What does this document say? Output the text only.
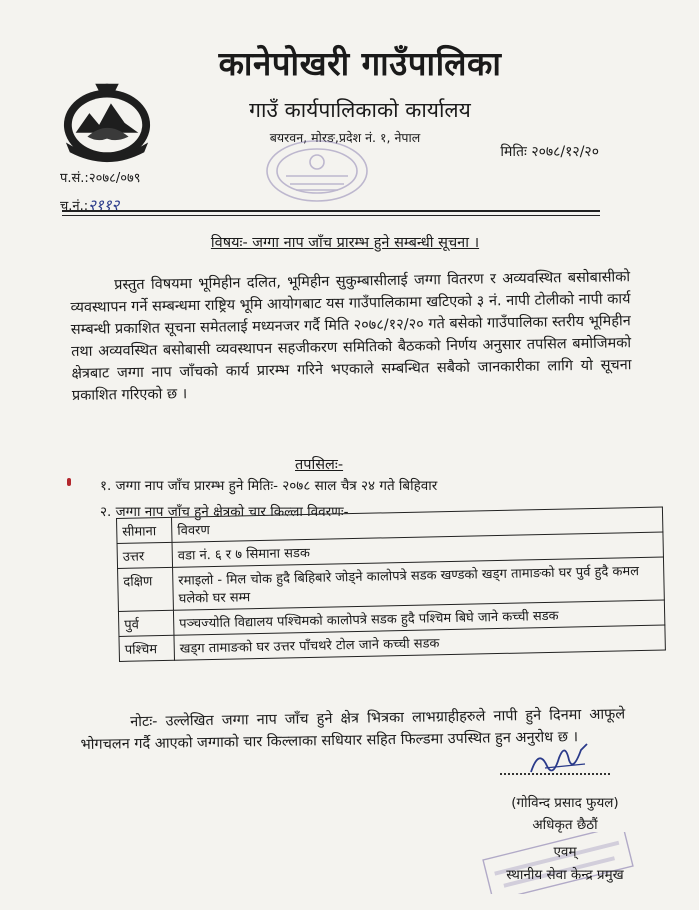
कानेपोखरी गाउँपालिका
गाउँ कार्यपालिकाको कार्यालय
बयरवन, मोरङ,प्रदेश नं. १, नेपाल
मितिः २०७८/१२/२०
प.सं.:२०७८/०७९
च.नं.:२११२
विषयः- जग्गा नाप जाँच प्रारम्भ हुने सम्बन्धी सूचना ।
प्रस्तुत विषयमा भूमिहीन दलित, भूमिहीन सुकुम्बासीलाई जग्गा वितरण र अव्यवस्थित बसोबासीको व्यवस्थापन गर्ने सम्बन्धमा राष्ट्रिय भूमि आयोगबाट यस गाउँपालिकामा खटिएको ३ नं. नापी टोलीको नापी कार्य सम्बन्धी प्रकाशित सूचना समेतलाई मध्यनजर गर्दै मिति २०७८/१२/२० गते बसेको गाउँपालिका स्तरीय भूमिहीन तथा अव्यवस्थित बसोबासी व्यवस्थापन सहजीकरण समितिको बैठकको निर्णय अनुसार तपसिल बमोजिमको क्षेत्रबाट जग्गा नाप जाँचको कार्य प्रारम्भ गरिने भएकाले सम्बन्धित सबैको जानकारीका लागि यो सूचना प्रकाशित गरिएको छ ।
तपसिलः-
१. जग्गा नाप जाँच प्रारम्भ हुने मितिः- २०७८ साल चैत्र २४ गते बिहिवार
२. जग्गा नाप जाँच हुने क्षेत्रको चार किल्ला विवरणः-
सीमाना	विवरण
उत्तर	वडा नं. ६ र ७ सिमाना सडक
दक्षिण	रमाइलो - मिल चोक हुदै बिहिबारे जोड्ने कालोपत्रे सडक खण्डको खड्ग तामाङको घर पुर्व हुदै कमल घलेको घर सम्म
पुर्व	पञ्चज्योति विद्यालय पश्चिमको कालोपत्रे सडक हुदै पश्चिम बिघे जाने कच्ची सडक
पश्चिम	खड्ग तामाङको घर उत्तर पाँचथरे टोल जाने कच्ची सडक
नोटः- उल्लेखित जग्गा नाप जाँच हुने क्षेत्र भित्रका लाभग्राहीहरुले नापी हुने दिनमा आफूले भोगचलन गर्दै आएको जग्गाको चार किल्लाका सधियार सहित फिल्डमा उपस्थित हुन अनुरोध छ ।
(गोविन्द प्रसाद फुयल)
अधिकृत छैठौं
एवम्
स्थानीय सेवा केन्द्र प्रमुख
